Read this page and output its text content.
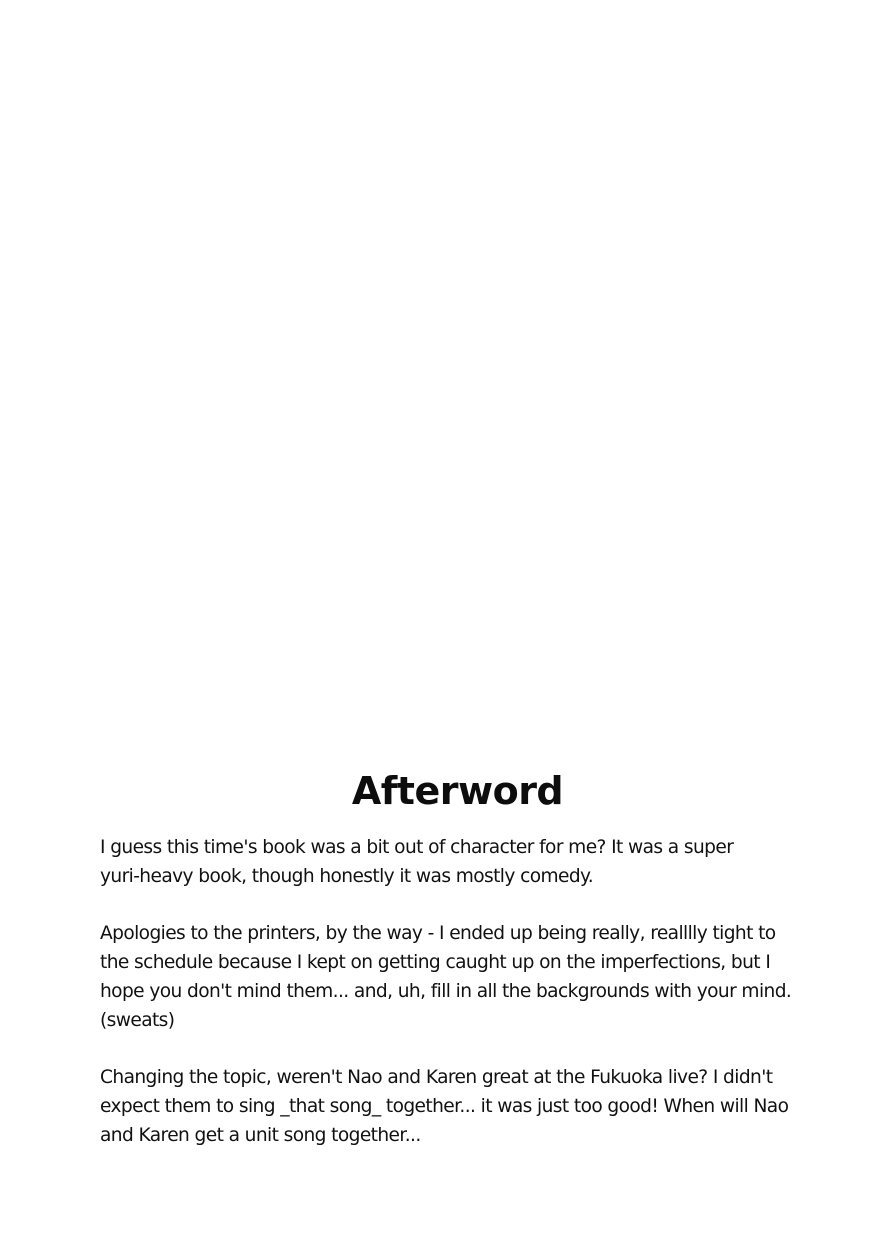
Afterword

I guess this time's book was a bit out of character for me? It was a super
yuri-heavy book, though honestly it was mostly comedy.

Apologies to the printers, by the way - I ended up being really, realllly tight to
the schedule because I kept on getting caught up on the imperfections, but I
hope you don't mind them... and, uh, fill in all the backgrounds with your mind.
(sweats)

Changing the topic, weren't Nao and Karen great at the Fukuoka live? I didn't
expect them to sing _that song_ together... it was just too good! When will Nao
and Karen get a unit song together...
